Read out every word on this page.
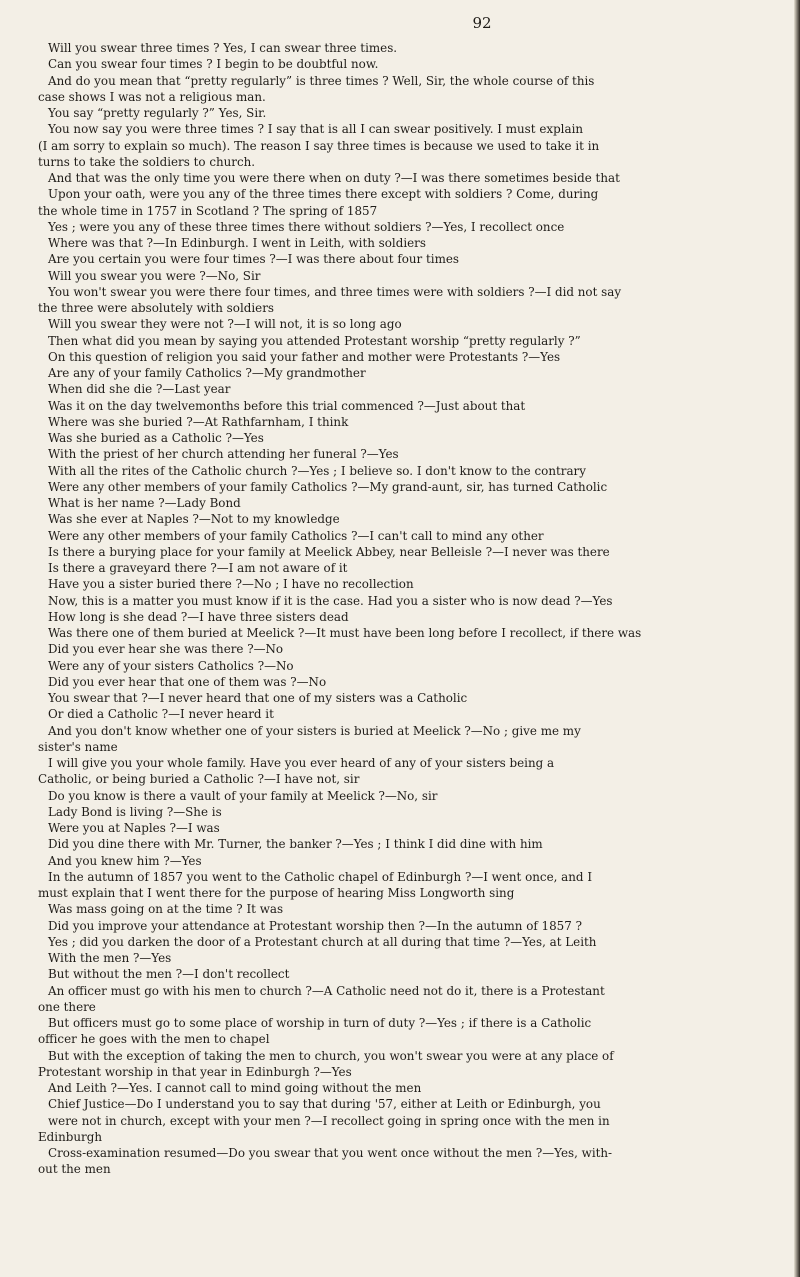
92
Will you swear three times ? Yes, I can swear three times.
Can you swear four times ? I begin to be doubtful now.
And do you mean that “pretty regularly” is three times ? Well, Sir, the whole course of this
case shows I was not a religious man.
You say “pretty regularly ?” Yes, Sir.
You now say you were three times ? I say that is all I can swear positively. I must explain
(I am sorry to explain so much). The reason I say three times is because we used to take it in
turns to take the soldiers to church.
And that was the only time you were there when on duty ?—I was there sometimes beside that
Upon your oath, were you any of the three times there except with soldiers ? Come, during
the whole time in 1757 in Scotland ? The spring of 1857
Yes ; were you any of these three times there without soldiers ?—Yes, I recollect once
Where was that ?—In Edinburgh. I went in Leith, with soldiers
Are you certain you were four times ?—I was there about four times
Will you swear you were ?—No, Sir
You won't swear you were there four times, and three times were with soldiers ?—I did not say
the three were absolutely with soldiers
Will you swear they were not ?—I will not, it is so long ago
Then what did you mean by saying you attended Protestant worship “pretty regularly ?”
On this question of religion you said your father and mother were Protestants ?—Yes
Are any of your family Catholics ?—My grandmother
When did she die ?—Last year
Was it on the day twelvemonths before this trial commenced ?—Just about that
Where was she buried ?—At Rathfarnham, I think
Was she buried as a Catholic ?—Yes
With the priest of her church attending her funeral ?—Yes
With all the rites of the Catholic church ?—Yes ; I believe so. I don't know to the contrary
Were any other members of your family Catholics ?—My grand-aunt, sir, has turned Catholic
What is her name ?—Lady Bond
Was she ever at Naples ?—Not to my knowledge
Were any other members of your family Catholics ?—I can't call to mind any other
Is there a burying place for your family at Meelick Abbey, near Belleisle ?—I never was there
Is there a graveyard there ?—I am not aware of it
Have you a sister buried there ?—No ; I have no recollection
Now, this is a matter you must know if it is the case. Had you a sister who is now dead ?—Yes
How long is she dead ?—I have three sisters dead
Was there one of them buried at Meelick ?—It must have been long before I recollect, if there was
Did you ever hear she was there ?—No
Were any of your sisters Catholics ?—No
Did you ever hear that one of them was ?—No
You swear that ?—I never heard that one of my sisters was a Catholic
Or died a Catholic ?—I never heard it
And you don't know whether one of your sisters is buried at Meelick ?—No ; give me my
sister's name
I will give you your whole family. Have you ever heard of any of your sisters being a
Catholic, or being buried a Catholic ?—I have not, sir
Do you know is there a vault of your family at Meelick ?—No, sir
Lady Bond is living ?—She is
Were you at Naples ?—I was
Did you dine there with Mr. Turner, the banker ?—Yes ; I think I did dine with him
And you knew him ?—Yes
In the autumn of 1857 you went to the Catholic chapel of Edinburgh ?—I went once, and I
must explain that I went there for the purpose of hearing Miss Longworth sing
Was mass going on at the time ? It was
Did you improve your attendance at Protestant worship then ?—In the autumn of 1857 ?
Yes ; did you darken the door of a Protestant church at all during that time ?—Yes, at Leith
With the men ?—Yes
But without the men ?—I don't recollect
An officer must go with his men to church ?—A Catholic need not do it, there is a Protestant
one there
But officers must go to some place of worship in turn of duty ?—Yes ; if there is a Catholic
officer he goes with the men to chapel
But with the exception of taking the men to church, you won't swear you were at any place of
Protestant worship in that year in Edinburgh ?—Yes
And Leith ?—Yes. I cannot call to mind going without the men
Chief Justice—Do I understand you to say that during '57, either at Leith or Edinburgh, you
were not in church, except with your men ?—I recollect going in spring once with the men in
Edinburgh
Cross-examination resumed—Do you swear that you went once without the men ?—Yes, with-
out the men
